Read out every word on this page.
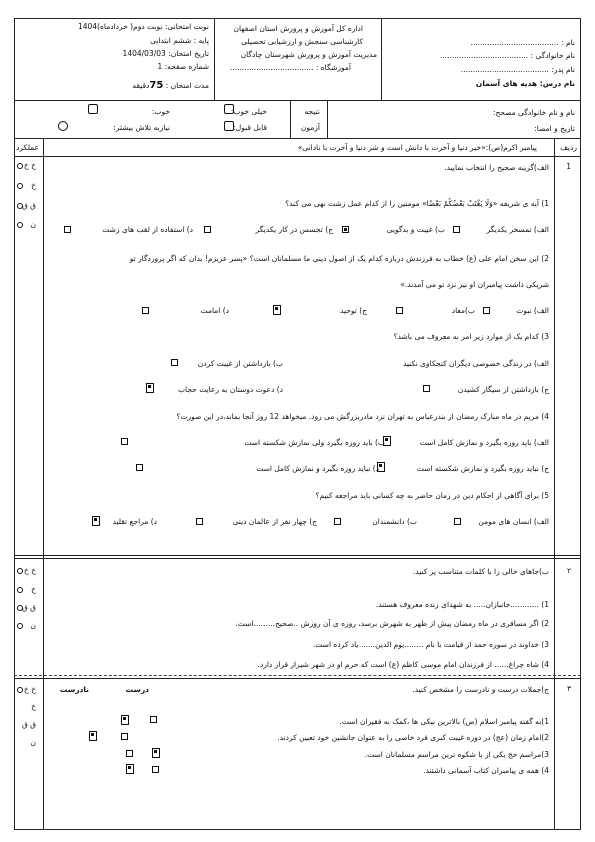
نوبت امتحانی: نوبت دوم( خردادماه)1404
پایه : ششم ابتدایی
تاریخ امتحان: 1404/03/03
شماره صفحه: 1
مدت امتحان : 75دقیقه
اداره کل آموزش و پرورش استان اصفهان
کارشناسی سنجش و ارزشیابی تحصیلی
مدیریت آموزش و پرورش شهرستان چادگان
آموزشگاه : ...................................
نام : .....................................
نام خانوادگی : .....................................
نام پدر: .....................................
نام درس: هدیه های آسمان
نام و نام خانوادگی مصحح:
تاریخ و امضا:
نتیجه
آزمون
خیلی خوب:
خوب:
قابل قبول:
نیازبه تلاش بیشتر:
ردیف
پیامبر اکرم(ص):«خیر دنیا و آخرت با دانش است و شر دنیا و آخرت با نادانی»
عملکرد
1
الف)گزینه صحیح را انتخاب نمایید.
خ خ
خ
ق ق
ن
1) آیه ی شریفه «وَلَا يَغْتَبْ بَعْضُكُمْ بَعْضًا» مومنین را از کدام عمل زشت نهی می کند؟
الف) تمسخر یکدیگر
ب) غیبت و بدگویی
ج) تجسس در کار یکدیگر
د) استفاده از لقب های زشت
2) این سخن امام علی (ع) خطاب به فرزندش درباره کدام یک از اصول دینی ما مسلمانان است؟ «پسر عزیزم! بدان که اگر پروردگار تو
شریکی داشت پیامبران او نیز نزد تو می آمدند.»
الف) نبوت
ب)معاد
ج) توحید
د) امامت
3) کدام یک از موارد زیر امر به معروف می باشد؟
الف) در زندگی خصوصی دیگران کنجکاوی نکنید
ب) بازداشتن از غیبت کردن
ج) بازداشتن از سیگار کشیدن
د) دعوت دوستان به رعایت حجاب
4) مریم در ماه مبارک رمضان از بندرعباس به تهران نزد مادربزرگش می رود. میخواهد 12 روز آنجا بماند،در این صورت؟
الف) باید روزه بگیرد و نمازش کامل است
ب) باید روزه بگیرد ولی نمازش شکسته است
ج) نباید روزه بگیرد و نمازش شکسته است
د) نباید روزه بگیرد و نمازش کامل است
5) برای آگاهی از احکام دین در زمان حاضر به چه کسانی باید مراجعه کنیم؟
الف) انسان های مومن
ب) دانشمندان
ج) چهار نفر از عالمان دینی
د) مراجع تقلید
۲
ب)جاهای خالی را با کلمات متناسب پر کنید.
خ خ
خ
ق ق
ن
1) ............جانبازان..... به شهدای زنده معروف هستند.
2) اگر مسافری در ماه رمضان پیش از ظهر به شهرش برسد، روزه ی آن روزش ..صحیح.........است.
3) خداوند در سوره حمد از قیامت با نام ........یوم الدین...... یاد کرده است.
4) شاه چراغ...... از فرزندان امام موسی کاظم (ع) است که حرم او در شهر شیراز قرار دارد.
۳
ج)جملات درست و نادرست را مشخص کنید.
درست
نادرست
خ خ
خ
ق ق
ن
1)به گفته پیامبر اسلام (ص) بالاترین نیکی ها ،کمک به فقیران است.
2)امام زمان (عج) در دوره غیبت کبری فرد خاصی را به عنوان جانشین خود تعیین کردند.
3)مراسم حج یکی از با شکوه ترین مراسم مسلمانان است.
4) همه ی پیامبران کتاب آسمانی داشتند.
